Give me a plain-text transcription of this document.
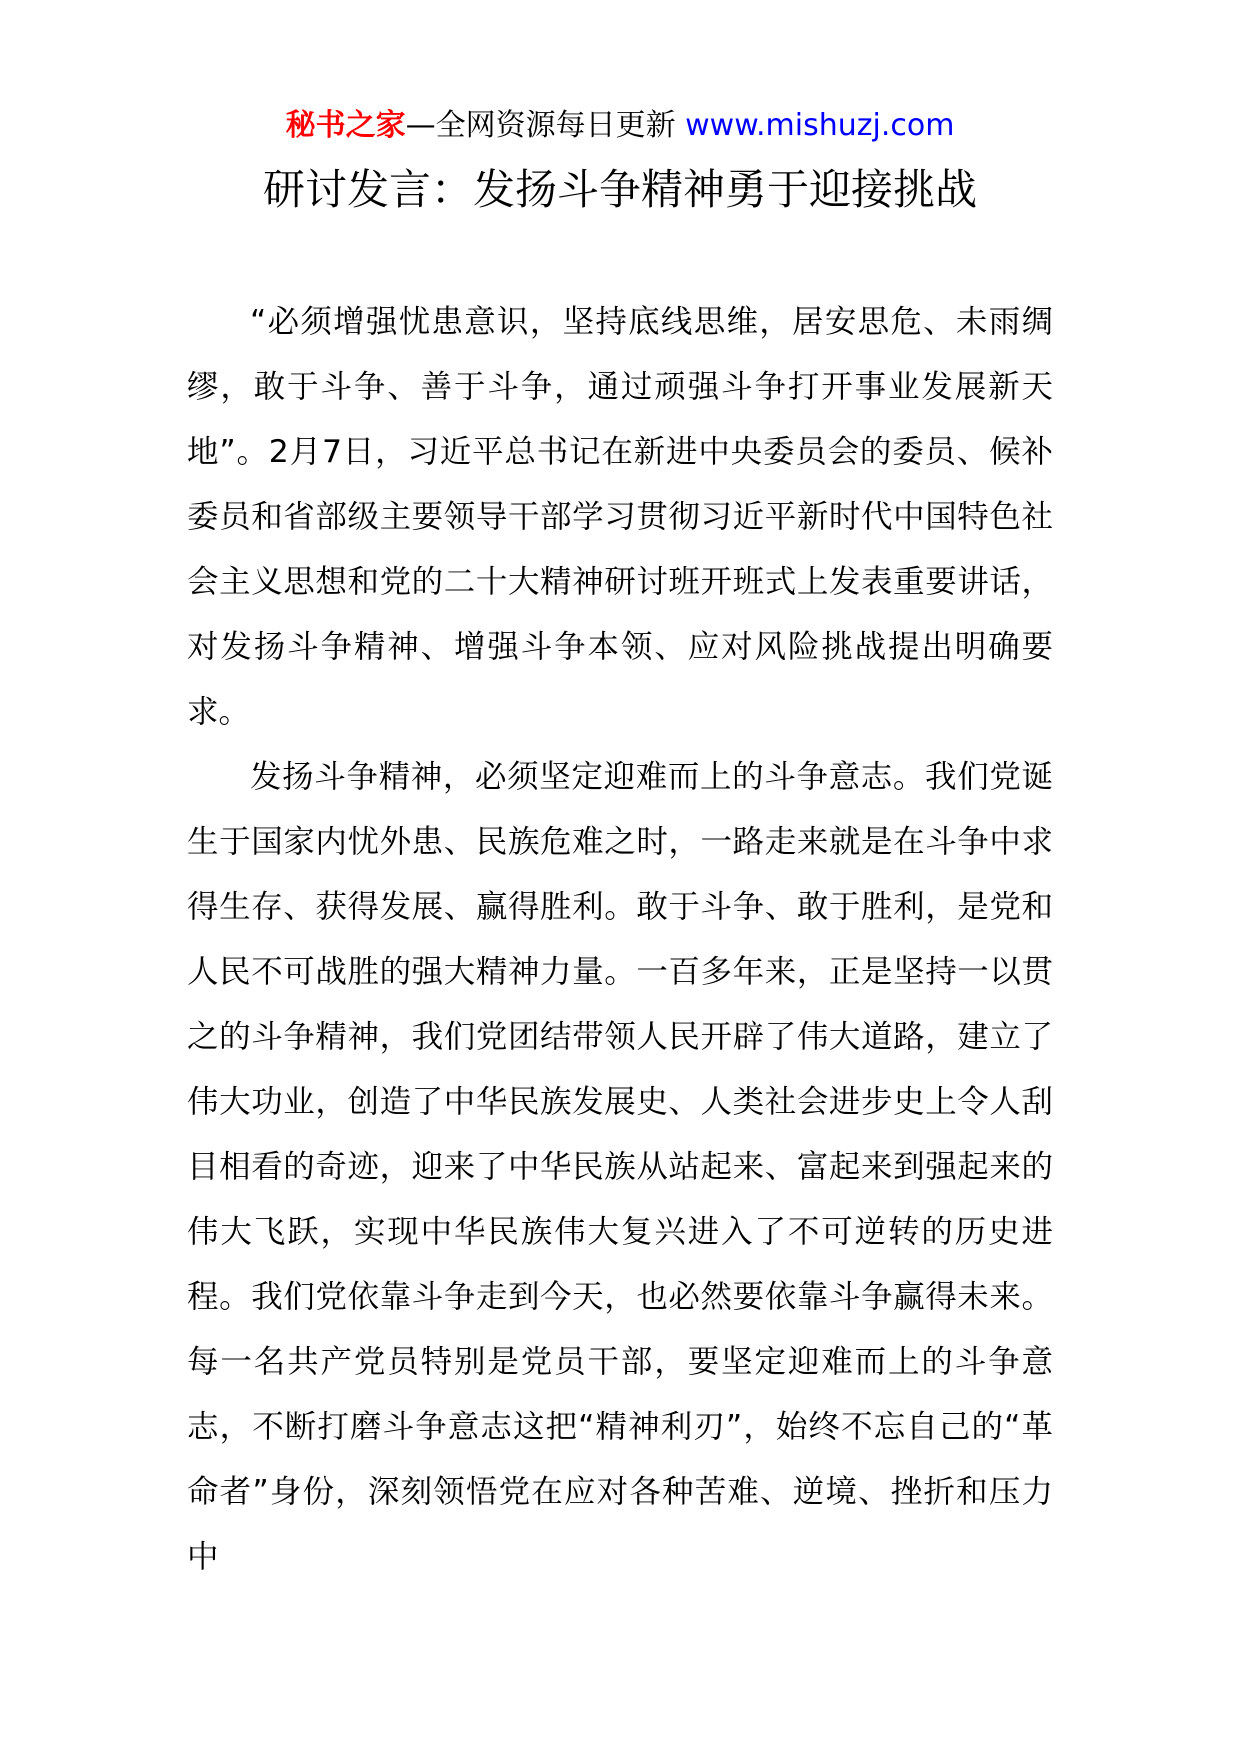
秘书之家—全网资源每日更新 www.mishuzj.com
研讨发言：发扬斗争精神勇于迎接挑战

“必须增强忧患意识，坚持底线思维，居安思危、未雨绸缪，敢于斗争、善于斗争，通过顽强斗争打开事业发展新天地”。2月7日，习近平总书记在新进中央委员会的委员、候补委员和省部级主要领导干部学习贯彻习近平新时代中国特色社会主义思想和党的二十大精神研讨班开班式上发表重要讲话，对发扬斗争精神、增强斗争本领、应对风险挑战提出明确要求。

发扬斗争精神，必须坚定迎难而上的斗争意志。我们党诞生于国家内忧外患、民族危难之时，一路走来就是在斗争中求得生存、获得发展、赢得胜利。敢于斗争、敢于胜利，是党和人民不可战胜的强大精神力量。一百多年来，正是坚持一以贯之的斗争精神，我们党团结带领人民开辟了伟大道路，建立了伟大功业，创造了中华民族发展史、人类社会进步史上令人刮目相看的奇迹，迎来了中华民族从站起来、富起来到强起来的伟大飞跃，实现中华民族伟大复兴进入了不可逆转的历史进程。我们党依靠斗争走到今天，也必然要依靠斗争赢得未来。每一名共产党员特别是党员干部，要坚定迎难而上的斗争意志，不断打磨斗争意志这把“精神利刃”，始终不忘自己的“革命者”身份，深刻领悟党在应对各种苦难、逆境、挫折和压力中
